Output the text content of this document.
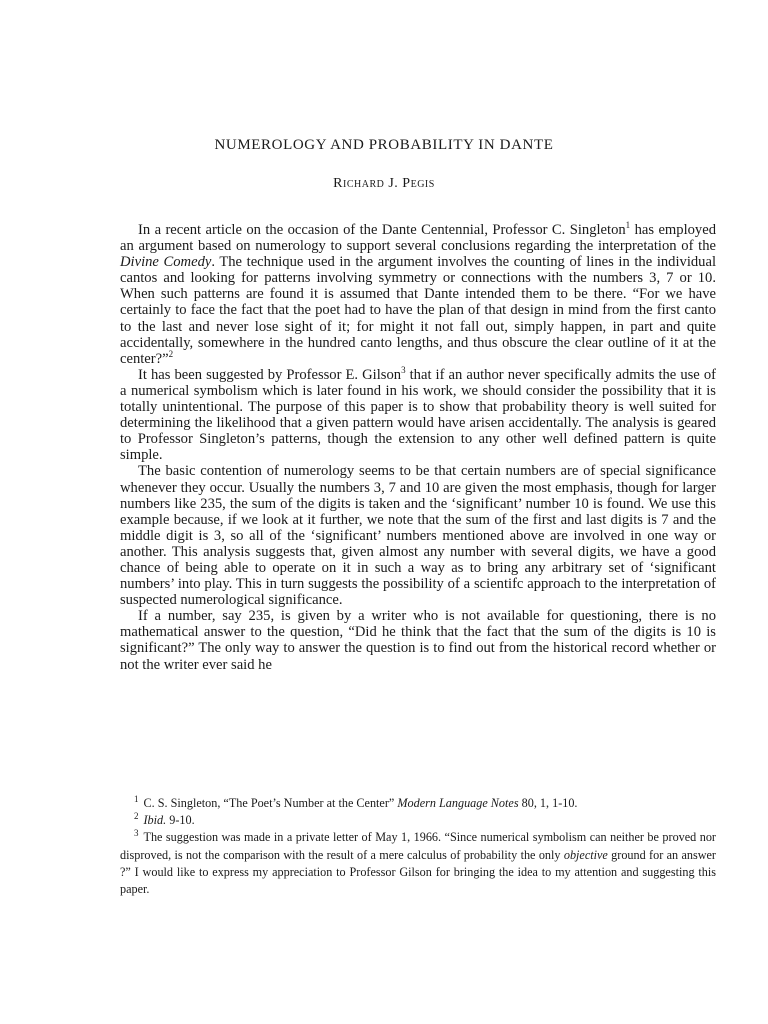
NUMEROLOGY AND PROBABILITY IN DANTE
Richard J. Pegis

In a recent article on the occasion of the Dante Centennial, Professor C. Singleton$^1$ has employed an argument based on numerology to support several conclusions regarding the interpretation of the Divine Comedy. The technique used in the argument involves the counting of lines in the individual cantos and looking for patterns involving symmetry or connections with the numbers 3, 7 or 10. When such patterns are found it is assumed that Dante intended them to be there. “For we have certainly to face the fact that the poet had to have the plan of that design in mind from the first canto to the last and never lose sight of it; for might it not fall out, simply happen, in part and quite accidentally, somewhere in the hundred canto lengths, and thus obscure the clear outline of it at the center?”$^2$

It has been suggested by Professor E. Gilson$^3$ that if an author never specifically admits the use of a numerical symbolism which is later found in his work, we should consider the possibility that it is totally unintentional. The purpose of this paper is to show that probability theory is well suited for determining the likelihood that a given pattern would have arisen accidentally. The analysis is geared to Professor Singleton’s patterns, though the extension to any other well defined pattern is quite simple.

The basic contention of numerology seems to be that certain numbers are of special significance whenever they occur. Usually the numbers 3, 7 and 10 are given the most emphasis, though for larger numbers like 235, the sum of the digits is taken and the ‘significant’ number 10 is found. We use this example because, if we look at it further, we note that the sum of the first and last digits is 7 and the middle digit is 3, so all of the ‘significant’ numbers mentioned above are involved in one way or another. This analysis suggests that, given almost any number with several digits, we have a good chance of being able to operate on it in such a way as to bring any arbitrary set of ‘significant numbers’ into play. This in turn suggests the possibility of a scientifc approach to the interpretation of suspected numerological significance.

If a number, say 235, is given by a writer who is not available for questioning, there is no mathematical answer to the question, “Did he think that the fact that the sum of the digits is 10 is significant?” The only way to answer the question is to find out from the historical record whether or not the writer ever said he

$^1$ C. S. Singleton, “The Poet’s Number at the Center” Modern Language Notes 80, 1, 1-10.

$^2$ Ibid. 9-10.

$^3$ The suggestion was made in a private letter of May 1, 1966. “Since numerical symbolism can neither be proved nor disproved, is not the comparison with the result of a mere calculus of probability the only objective ground for an answer ?” I would like to express my appreciation to Professor Gilson for bringing the idea to my attention and suggesting this paper.
